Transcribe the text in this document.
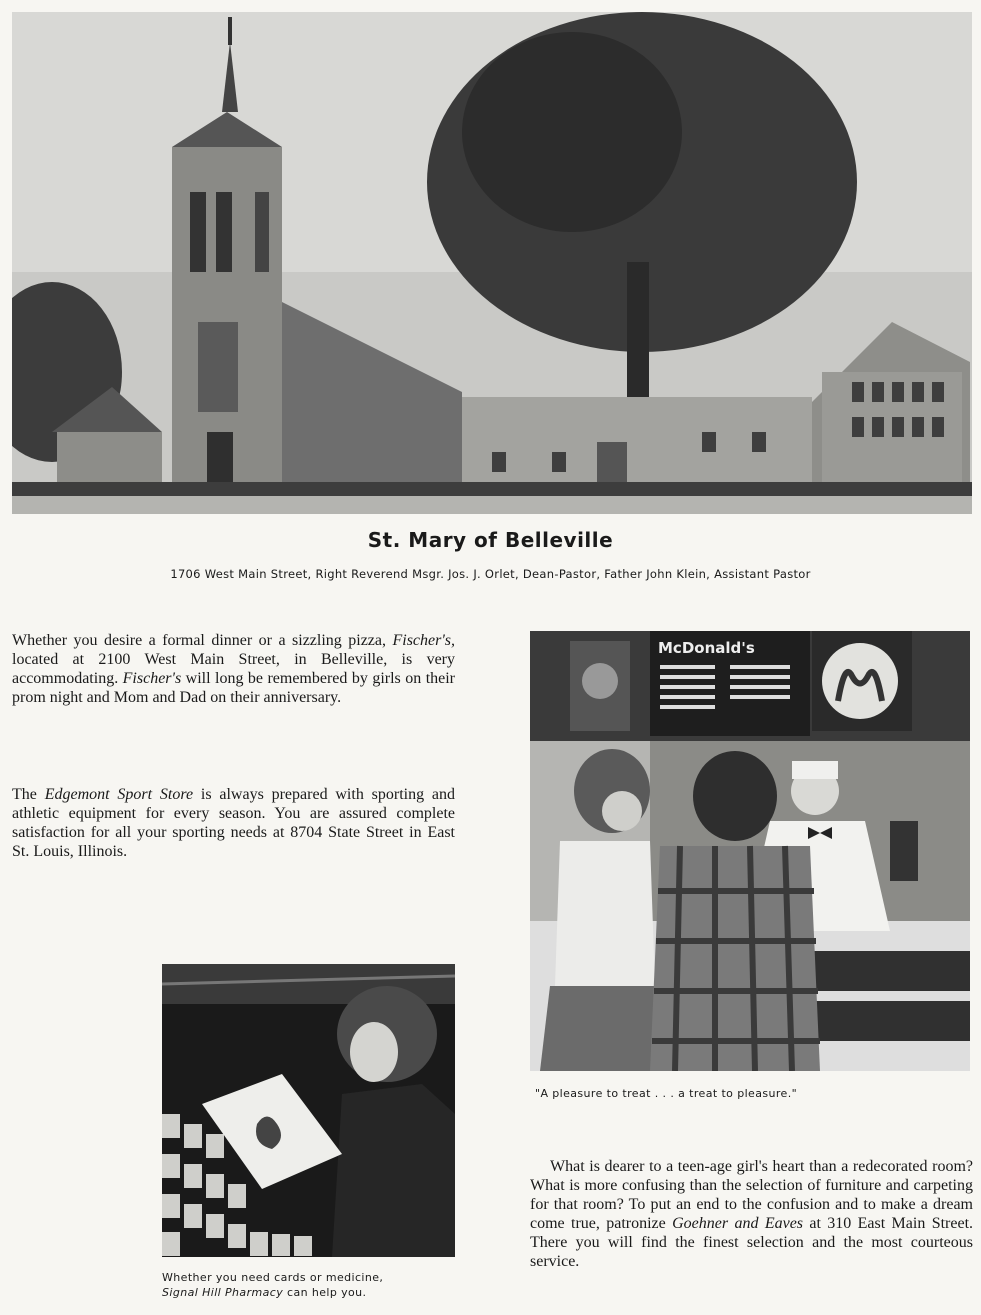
St. Mary of Belleville
1706 West Main Street, Right Reverend Msgr. Jos. J. Orlet, Dean-Pastor, Father John Klein, Assistant Pastor
Whether you desire a formal dinner or a sizzling pizza, Fischer's, located at 2100 West Main Street, in Belleville, is very accommodating. Fischer's will long be remembered by girls on their prom night and Mom and Dad on their anniversary.
The Edgemont Sport Store is always prepared with sporting and athletic equipment for every season. You are assured complete satisfaction for all your sporting needs at 8704 State Street in East St. Louis, Illinois.
McDonald's
"A pleasure to treat . . . a treat to pleasure."
Whether you need cards or medicine,
Signal Hill Pharmacy can help you.
What is dearer to a teen-age girl's heart than a redecorated room? What is more confusing than the selection of furniture and carpeting for that room? To put an end to the confusion and to make a dream come true, patronize Goehner and Eaves at 310 East Main Street. There you will find the finest selection and the most courteous service.
